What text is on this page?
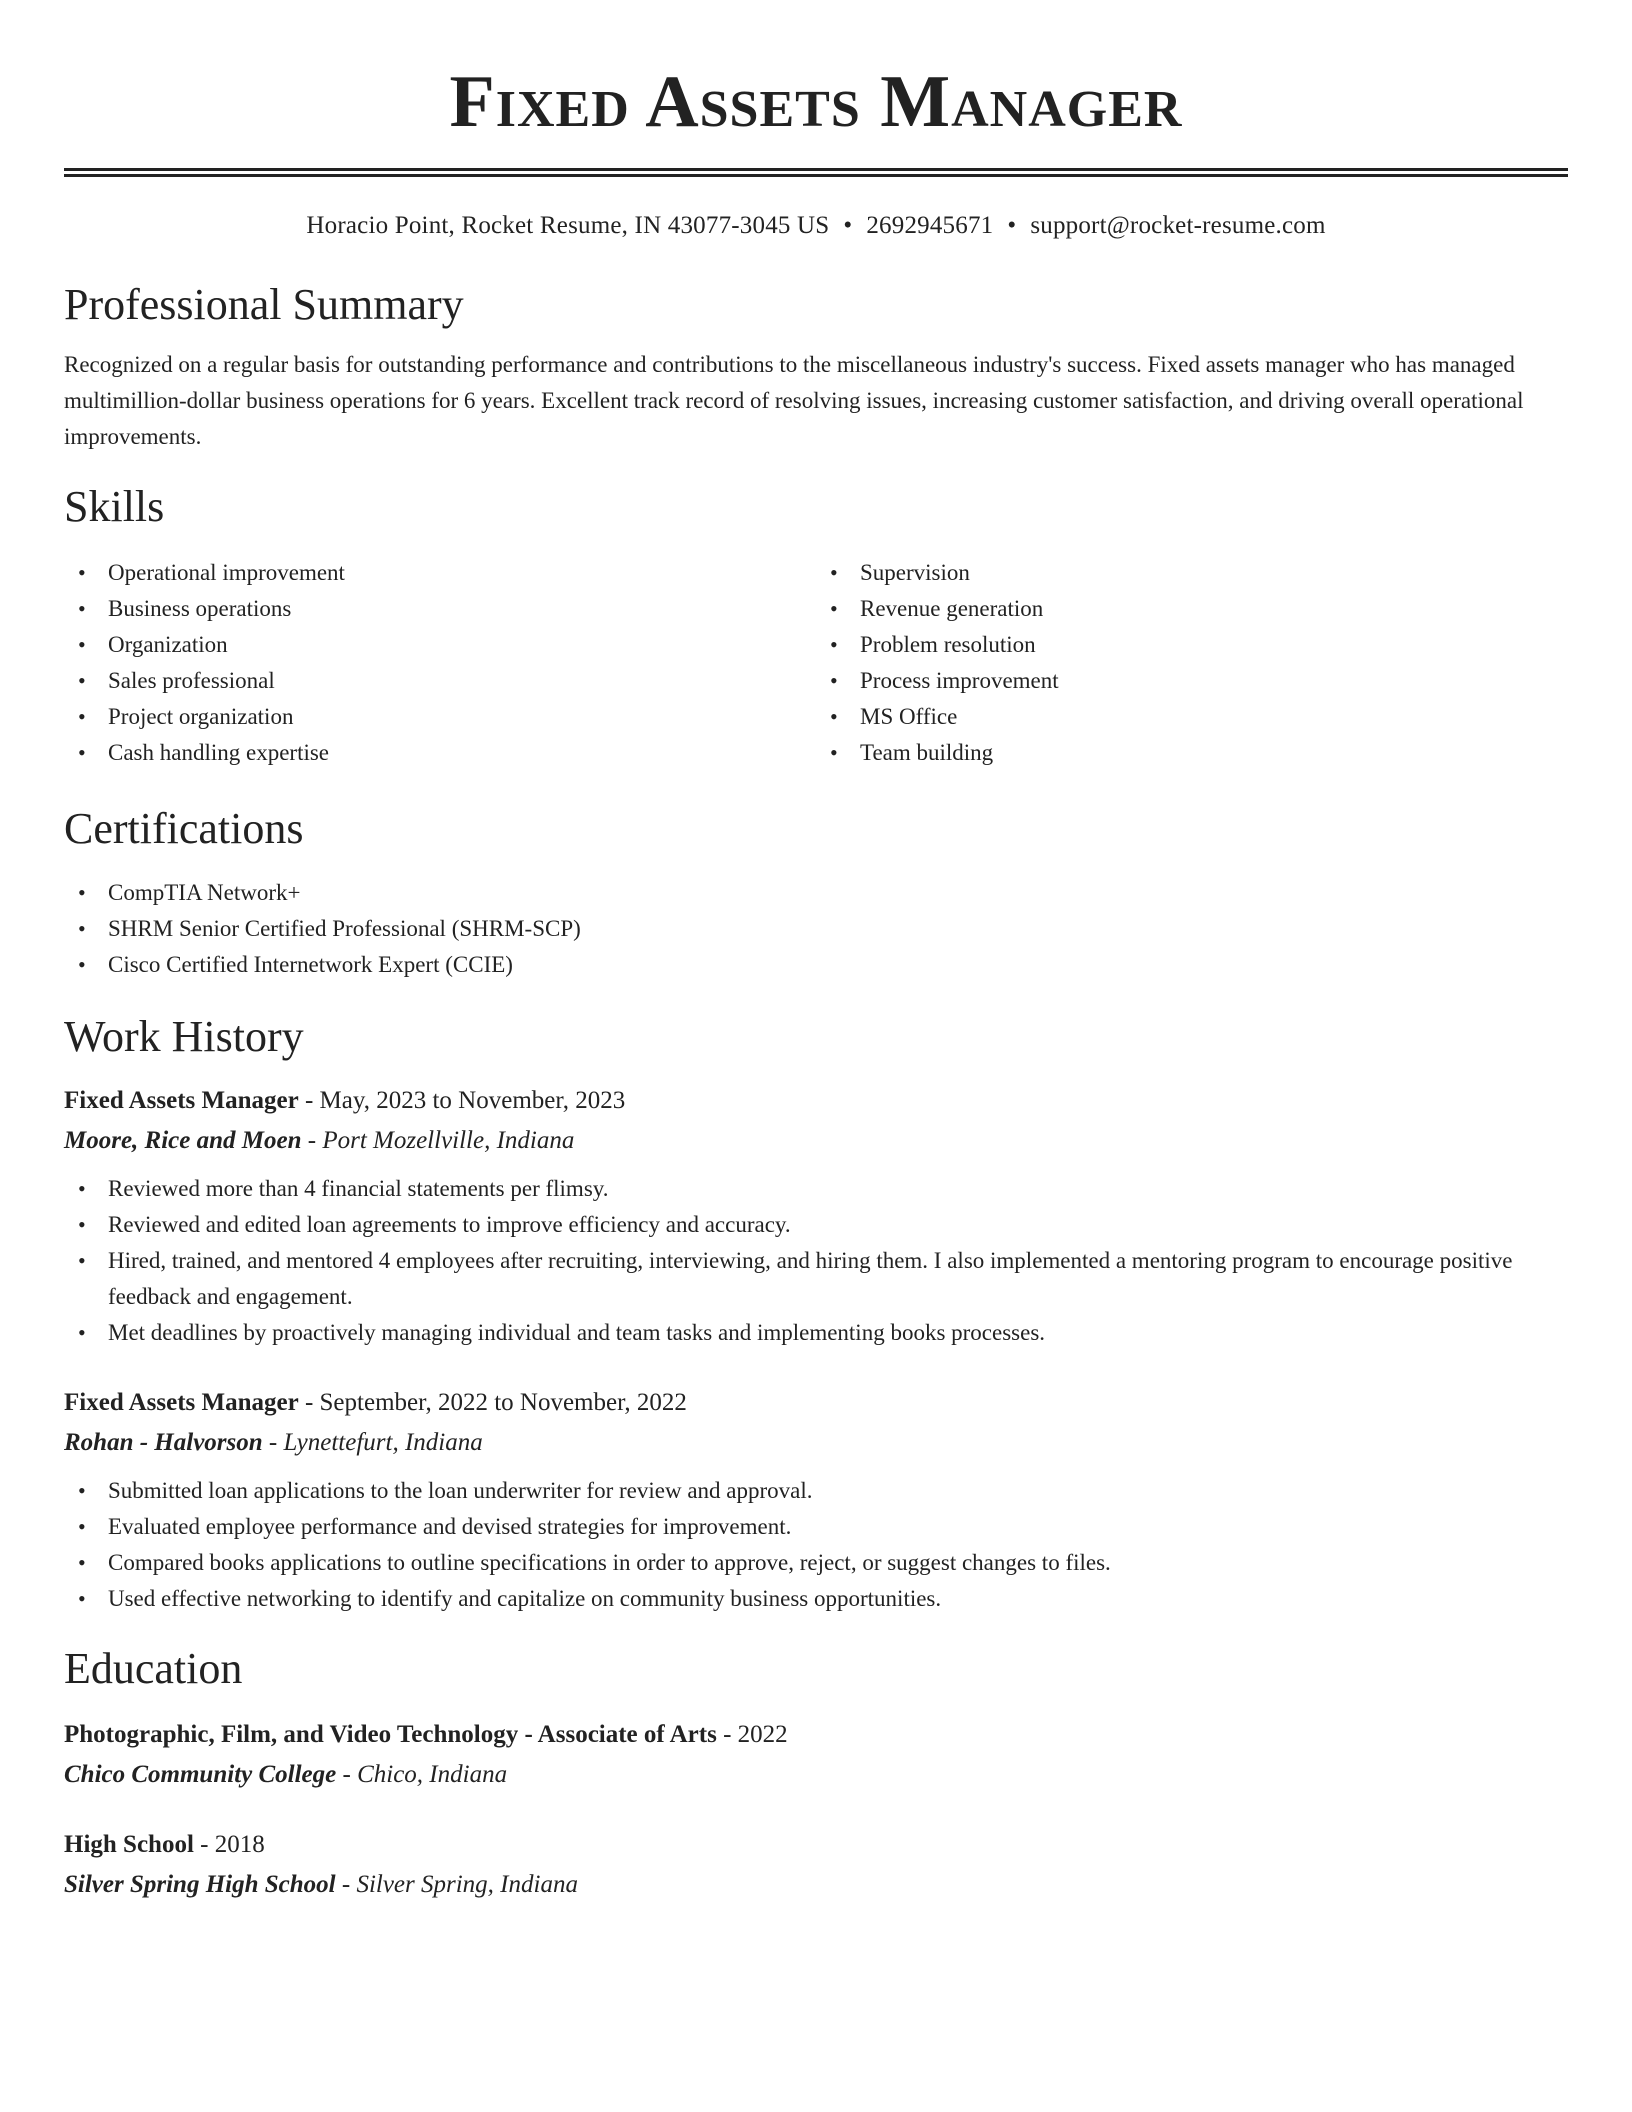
Fixed Assets Manager
Horacio Point, Rocket Resume, IN 43077-3045 US • 2692945671 • support@rocket-resume.com
Professional Summary

Recognized on a regular basis for outstanding performance and contributions to the miscellaneous industry's success. Fixed assets manager who has managed multimillion-dollar business operations for 6 years. Excellent track record of resolving issues, increasing customer satisfaction, and driving overall operational improvements.

Skills
• Operational improvement
• Business operations
• Organization
• Sales professional
• Project organization
• Cash handling expertise
• Supervision
• Revenue generation
• Problem resolution
• Process improvement
• MS Office
• Team building
Certifications
• CompTIA Network+
• SHRM Senior Certified Professional (SHRM-SCP)
• Cisco Certified Internetwork Expert (CCIE)
Work History
Fixed Assets Manager - May, 2023 to November, 2023
Moore, Rice and Moen - Port Mozellville, Indiana
• Reviewed more than 4 financial statements per flimsy.
• Reviewed and edited loan agreements to improve efficiency and accuracy.
• Hired, trained, and mentored 4 employees after recruiting, interviewing, and hiring them. I also implemented a mentoring program to encourage positive feedback and engagement.
• Met deadlines by proactively managing individual and team tasks and implementing books processes.
Fixed Assets Manager - September, 2022 to November, 2022
Rohan - Halvorson - Lynettefurt, Indiana
• Submitted loan applications to the loan underwriter for review and approval.
• Evaluated employee performance and devised strategies for improvement.
• Compared books applications to outline specifications in order to approve, reject, or suggest changes to files.
• Used effective networking to identify and capitalize on community business opportunities.
Education
Photographic, Film, and Video Technology - Associate of Arts - 2022
Chico Community College - Chico, Indiana
High School - 2018
Silver Spring High School - Silver Spring, Indiana
